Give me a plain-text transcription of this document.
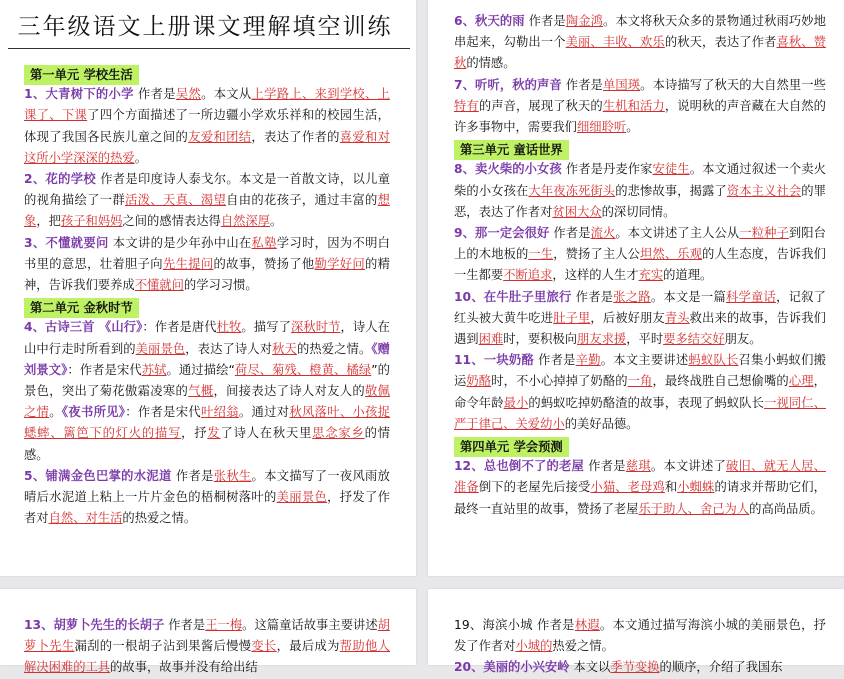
三年级语文上册课文理解填空训练
第一单元 学校生活

1、大青树下的小学 作者是吴然。本文从上学路上、来到学校、上课了、下课了四个方面描述了一所边疆小学欢乐祥和的校园生活，体现了我国各民族儿童之间的友爱和团结，表达了作者的喜爱和对这所小学深深的热爱。

2、花的学校 作者是印度诗人泰戈尔。本文是一首散文诗，以儿童的视角描绘了一群活泼、天真、渴望自由的花孩子，通过丰富的想象，把孩子和妈妈之间的感情表达得自然深厚。

3、不懂就要问 本文讲的是少年孙中山在私塾学习时，因为不明白书里的意思，壮着胆子向先生提问的故事，赞扬了他勤学好问的精神，告诉我们要养成不懂就问的学习习惯。

第二单元 金秋时节

4、古诗三首 《山行》：作者是唐代杜牧。描写了深秋时节，诗人在山中行走时所看到的美丽景色，表达了诗人对秋天的热爱之情。《赠刘景文》：作者是宋代苏轼。通过描绘“荷尽、菊残、橙黄、橘绿”的景色，突出了菊花傲霜凌寒的气概，间接表达了诗人对友人的敬佩之情。《夜书所见》：作者是宋代叶绍翁。通过对秋风落叶、小孩捉蟋蟀、篱笆下的灯火的描写，抒发了诗人在秋天里思念家乡的情感。

5、铺满金色巴掌的水泥道 作者是张秋生。本文描写了一夜风雨放晴后水泥道上粘上一片片金色的梧桐树落叶的美丽景色，抒发了作者对自然、对生活的热爱之情。

6、秋天的雨 作者是陶金鸿。本文将秋天众多的景物通过秋雨巧妙地串起来，勾勒出一个美丽、丰收、欢乐的秋天，表达了作者喜秋、赞秋的情感。

7、听听，秋的声音 作者是单国瑛。本诗描写了秋天的大自然里一些特有的声音，展现了秋天的生机和活力，说明秋的声音藏在大自然的许多事物中，需要我们细细聆听。

第三单元 童话世界

8、卖火柴的小女孩 作者是丹麦作家安徒生。本文通过叙述一个卖火柴的小女孩在大年夜冻死街头的悲惨故事，揭露了资本主义社会的罪恶，表达了作者对贫困大众的深切同情。

9、那一定会很好 作者是流火。本文讲述了主人公从一粒种子到阳台上的木地板的一生，赞扬了主人公坦然、乐观的人生态度，告诉我们一生都要不断追求，这样的人生才充实的道理。

10、在牛肚子里旅行 作者是张之路。本文是一篇科学童话，记叙了红头被大黄牛吃进肚子里，后被好朋友青头救出来的故事，告诉我们遇到困难时，要积极向朋友求援，平时要多结交好朋友。

11、一块奶酪 作者是辛勤。本文主要讲述蚂蚁队长召集小蚂蚁们搬运奶酪时，不小心掉掉了奶酪的一角，最终战胜自己想偷嘴的心理，命令年龄最小的蚂蚁吃掉奶酪渣的故事，表现了蚂蚁队长一视同仁、严于律己、关爱幼小的美好品德。

第四单元 学会预测

12、总也倒不了的老屋 作者是慈琪。本文讲述了破旧、就无人居、准备倒下的老屋先后接受小猫、老母鸡和小蜘蛛的请求并帮助它们，最终一直站里的故事，赞扬了老屋乐于助人、舍己为人的高尚品质。

13、胡萝卜先生的长胡子 作者是王一梅。这篇童话故事主要讲述胡萝卜先生漏刮的一根胡子沾到果酱后慢慢变长，最后成为帮助他人解决困难的工具的故事，故事并没有给出结

19、海滨小城 作者是林遐。本文通过描写海滨小城的美丽景色，抒发了作者对小城的热爱之情。

20、美丽的小兴安岭 本文以季节变换的顺序，介绍了我国东
